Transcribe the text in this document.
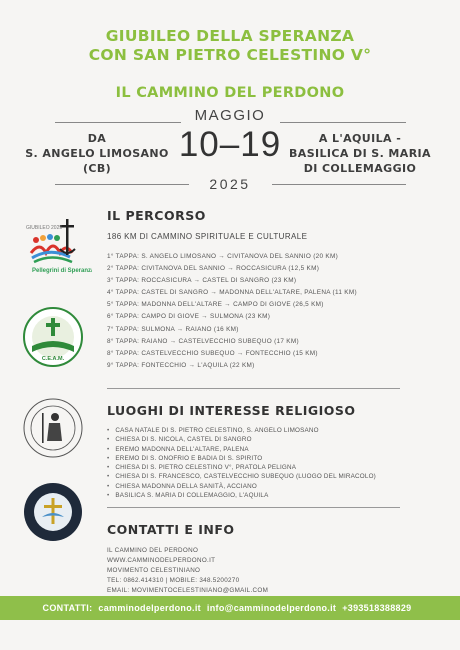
GIUBILEO DELLA SPERANZA
CON SAN PIETRO CELESTINO V°
IL CAMMINO DEL PERDONO
MAGGIO
10–19
2025
DA
S. ANGELO LIMOSANO
(CB)
A L'AQUILA -
BASILICA DI S. MARIA
DI COLLEMAGGIO
GIUBILEO 2025
Pellegrini di Speranza
C.E.A.M.
IL PERCORSO
186 KM DI CAMMINO SPIRITUALE E CULTURALE
1° TAPPA: S. ANGELO LIMOSANO → CIVITANOVA DEL SANNIO (20 KM)
2° TAPPA: CIVITANOVA DEL SANNIO → ROCCASICURA (12,5 KM)
3° TAPPA: ROCCASICURA → CASTEL DI SANGRO (23 KM)
4° TAPPA: CASTEL DI SANGRO → MADONNA DELL'ALTARE, PALENA (11 KM)
5° TAPPA: MADONNA DELL'ALTARE → CAMPO DI GIOVE (26,5 KM)
6° TAPPA: CAMPO DI GIOVE → SULMONA (23 KM)
7° TAPPA: SULMONA → RAIANO (16 KM)
8° TAPPA: RAIANO → CASTELVECCHIO SUBEQUO (17 KM)
8° TAPPA: CASTELVECCHIO SUBEQUO → FONTECCHIO (15 KM)
9° TAPPA: FONTECCHIO → L'AQUILA (22 KM)
LUOGHI DI INTERESSE RELIGIOSO
• CASA NATALE DI S. PIETRO CELESTINO, S. ANGELO LIMOSANO
• CHIESA DI S. NICOLA, CASTEL DI SANGRO
• EREMO MADONNA DELL'ALTARE, PALENA
• EREMO DI S. ONOFRIO E BADIA DI S. SPIRITO
• CHIESA DI S. PIETRO CELESTINO V°, PRATOLA PELIGNA
• CHIESA DI S. FRANCESCO, CASTELVECCHIO SUBEQUO (LUOGO DEL MIRACOLO)
• CHIESA MADONNA DELLA SANITÀ, ACCIANO
• BASILICA S. MARIA DI COLLEMAGGIO, L'AQUILA
CONTATTI E INFO
IL CAMMINO DEL PERDONO
WWW.CAMMINODELPERDONO.IT
MOVIMENTO CELESTINIANO
TEL: 0862.414310 | MOBILE: 348.5200270
EMAIL: MOVIMENTOCELESTINIANO@GMAIL.COM
CONTATTI: camminodelperdono.it info@camminodelperdono.it +393518388829
